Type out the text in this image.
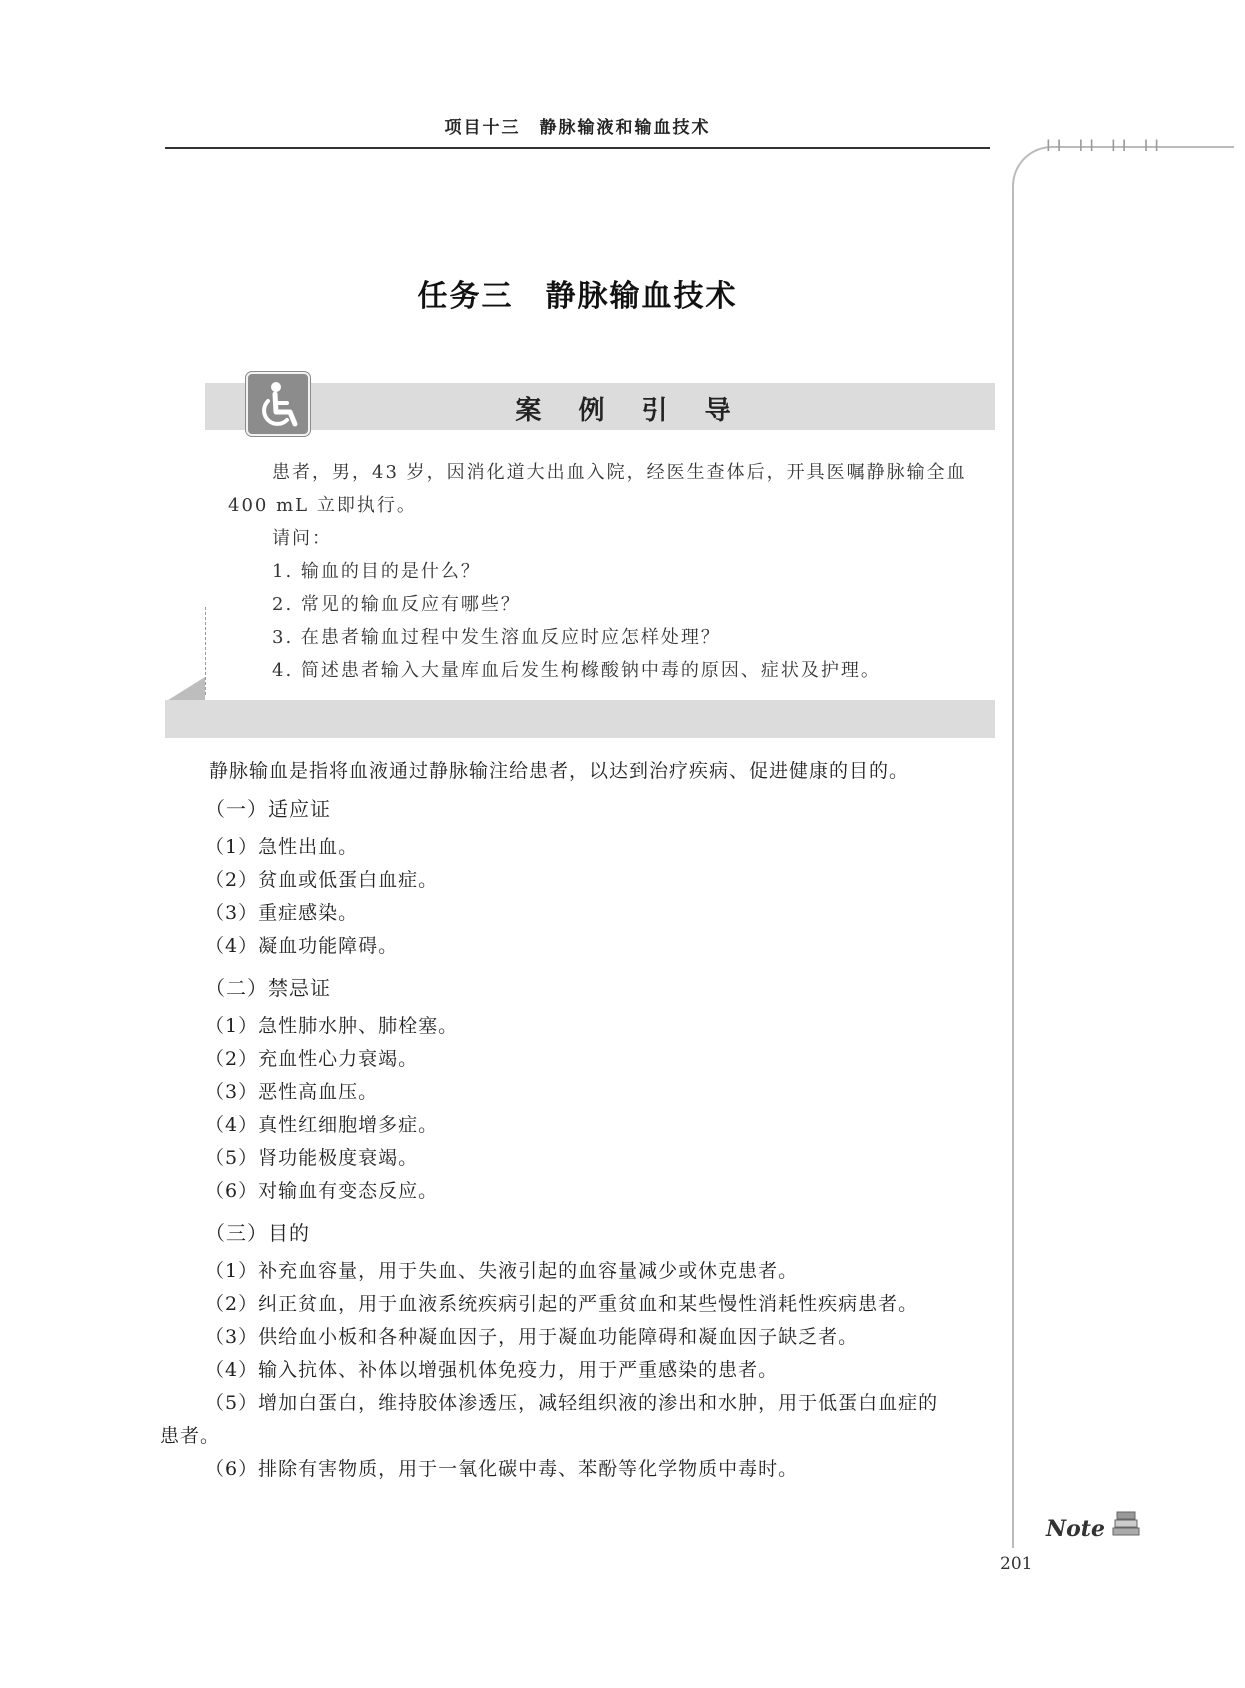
项目十三　静脉输液和输血技术
II II II II
任务三　静脉输血技术
案 例 引 导
患者，男，43 岁，因消化道大出血入院，经医生查体后，开具医嘱静脉输全血
400 mL 立即执行。
请问：
1. 输血的目的是什么？
2. 常见的输血反应有哪些？
3. 在患者输血过程中发生溶血反应时应怎样处理？
4. 简述患者输入大量库血后发生枸橼酸钠中毒的原因、症状及护理。
静脉输血是指将血液通过静脉输注给患者，以达到治疗疾病、促进健康的目的。
（一）适应证
（1）急性出血。
（2）贫血或低蛋白血症。
（3）重症感染。
（4）凝血功能障碍。
（二）禁忌证
（1）急性肺水肿、肺栓塞。
（2）充血性心力衰竭。
（3）恶性高血压。
（4）真性红细胞增多症。
（5）肾功能极度衰竭。
（6）对输血有变态反应。
（三）目的
（1）补充血容量，用于失血、失液引起的血容量减少或休克患者。
（2）纠正贫血，用于血液系统疾病引起的严重贫血和某些慢性消耗性疾病患者。
（3）供给血小板和各种凝血因子，用于凝血功能障碍和凝血因子缺乏者。
（4）输入抗体、补体以增强机体免疫力，用于严重感染的患者。
（5）增加白蛋白，维持胶体渗透压，减轻组织液的渗出和水肿，用于低蛋白血症的
患者。
（6）排除有害物质，用于一氧化碳中毒、苯酚等化学物质中毒时。
Note
201
